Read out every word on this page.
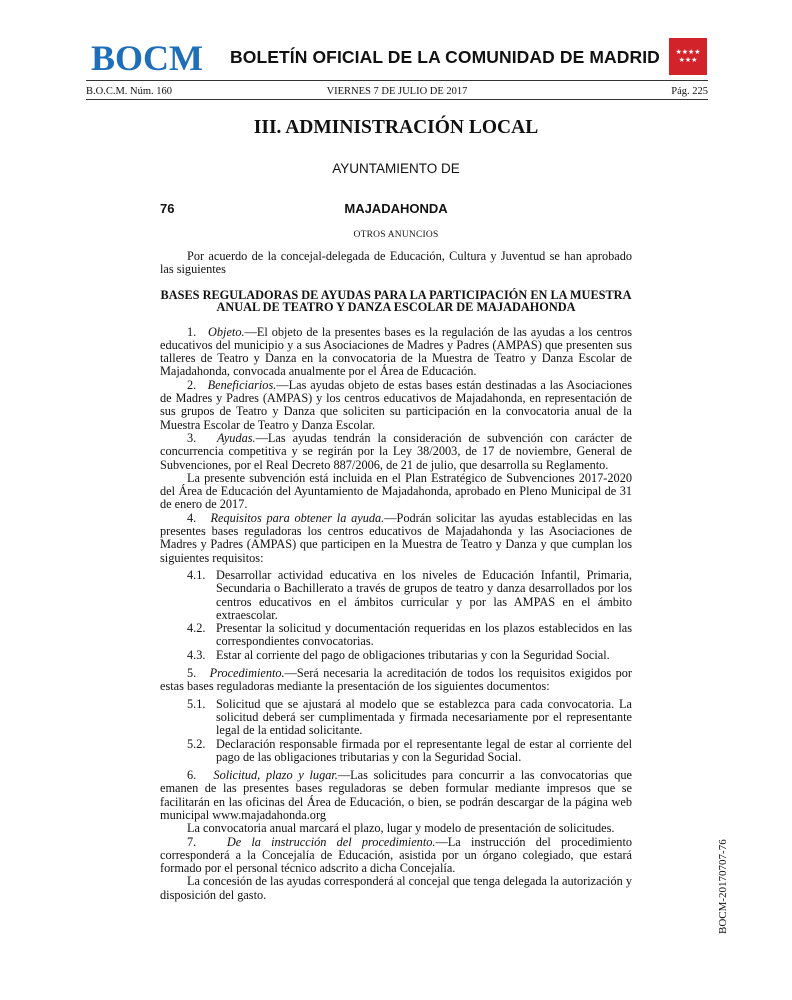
BOCM BOLETÍN OFICIAL DE LA COMUNIDAD DE MADRID	★★★★
★★★
B.O.C.M. Núm. 160	VIERNES 7 DE JULIO DE 2017	Pág. 225
III. ADMINISTRACIÓN LOCAL
AYUNTAMIENTO DE
76	MAJADAHONDA
OTROS ANUNCIOS

Por acuerdo de la concejal-delegada de Educación, Cultura y Juventud se han aprobado las siguientes

BASES REGULADORAS DE AYUDAS PARA LA PARTICIPACIÓN EN LA MUESTRA ANUAL DE TEATRO Y DANZA ESCOLAR DE MAJADAHONDA

1. Objeto.—El objeto de la presentes bases es la regulación de las ayudas a los centros educativos del municipio y a sus Asociaciones de Madres y Padres (AMPAS) que presenten sus talleres de Teatro y Danza en la convocatoria de la Muestra de Teatro y Danza Escolar de Majadahonda, convocada anualmente por el Área de Educación.

2. Beneficiarios.—Las ayudas objeto de estas bases están destinadas a las Asociaciones de Madres y Padres (AMPAS) y los centros educativos de Majadahonda, en representación de sus grupos de Teatro y Danza que soliciten su participación en la convocatoria anual de la Muestra Escolar de Teatro y Danza Escolar.

3. Ayudas.—Las ayudas tendrán la consideración de subvención con carácter de concurrencia competitiva y se regirán por la Ley 38/2003, de 17 de noviembre, General de Subvenciones, por el Real Decreto 887/2006, de 21 de julio, que desarrolla su Reglamento.

La presente subvención está incluida en el Plan Estratégico de Subvenciones 2017-2020 del Área de Educación del Ayuntamiento de Majadahonda, aprobado en Pleno Municipal de 31 de enero de 2017.

4. Requisitos para obtener la ayuda.—Podrán solicitar las ayudas establecidas en las presentes bases reguladoras los centros educativos de Majadahonda y las Asociaciones de Madres y Padres (AMPAS) que participen en la Muestra de Teatro y Danza y que cumplan los siguientes requisitos:

4.1. Desarrollar actividad educativa en los niveles de Educación Infantil, Primaria, Secundaria o Bachillerato a través de grupos de teatro y danza desarrollados por los centros educativos en el ámbitos curricular y por las AMPAS en el ámbito extraescolar.
4.2. Presentar la solicitud y documentación requeridas en los plazos establecidos en las correspondientes convocatorias.
4.3. Estar al corriente del pago de obligaciones tributarias y con la Seguridad Social.

5. Procedimiento.—Será necesaria la acreditación de todos los requisitos exigidos por estas bases reguladoras mediante la presentación de los siguientes documentos:

5.1. Solicitud que se ajustará al modelo que se establezca para cada convocatoria. La solicitud deberá ser cumplimentada y firmada necesariamente por el representante legal de la entidad solicitante.
5.2. Declaración responsable firmada por el representante legal de estar al corriente del pago de las obligaciones tributarias y con la Seguridad Social.

6. Solicitud, plazo y lugar.—Las solicitudes para concurrir a las convocatorias que emanen de las presentes bases reguladoras se deben formular mediante impresos que se facilitarán en las oficinas del Área de Educación, o bien, se podrán descargar de la página web municipal www.majadahonda.org

La convocatoria anual marcará el plazo, lugar y modelo de presentación de solicitudes.

7. De la instrucción del procedimiento.—La instrucción del procedimiento corresponderá a la Concejalía de Educación, asistida por un órgano colegiado, que estará formado por el personal técnico adscrito a dicha Concejalía.

La concesión de las ayudas corresponderá al concejal que tenga delegada la autorización y disposición del gasto.	BOCM-20170707-76
